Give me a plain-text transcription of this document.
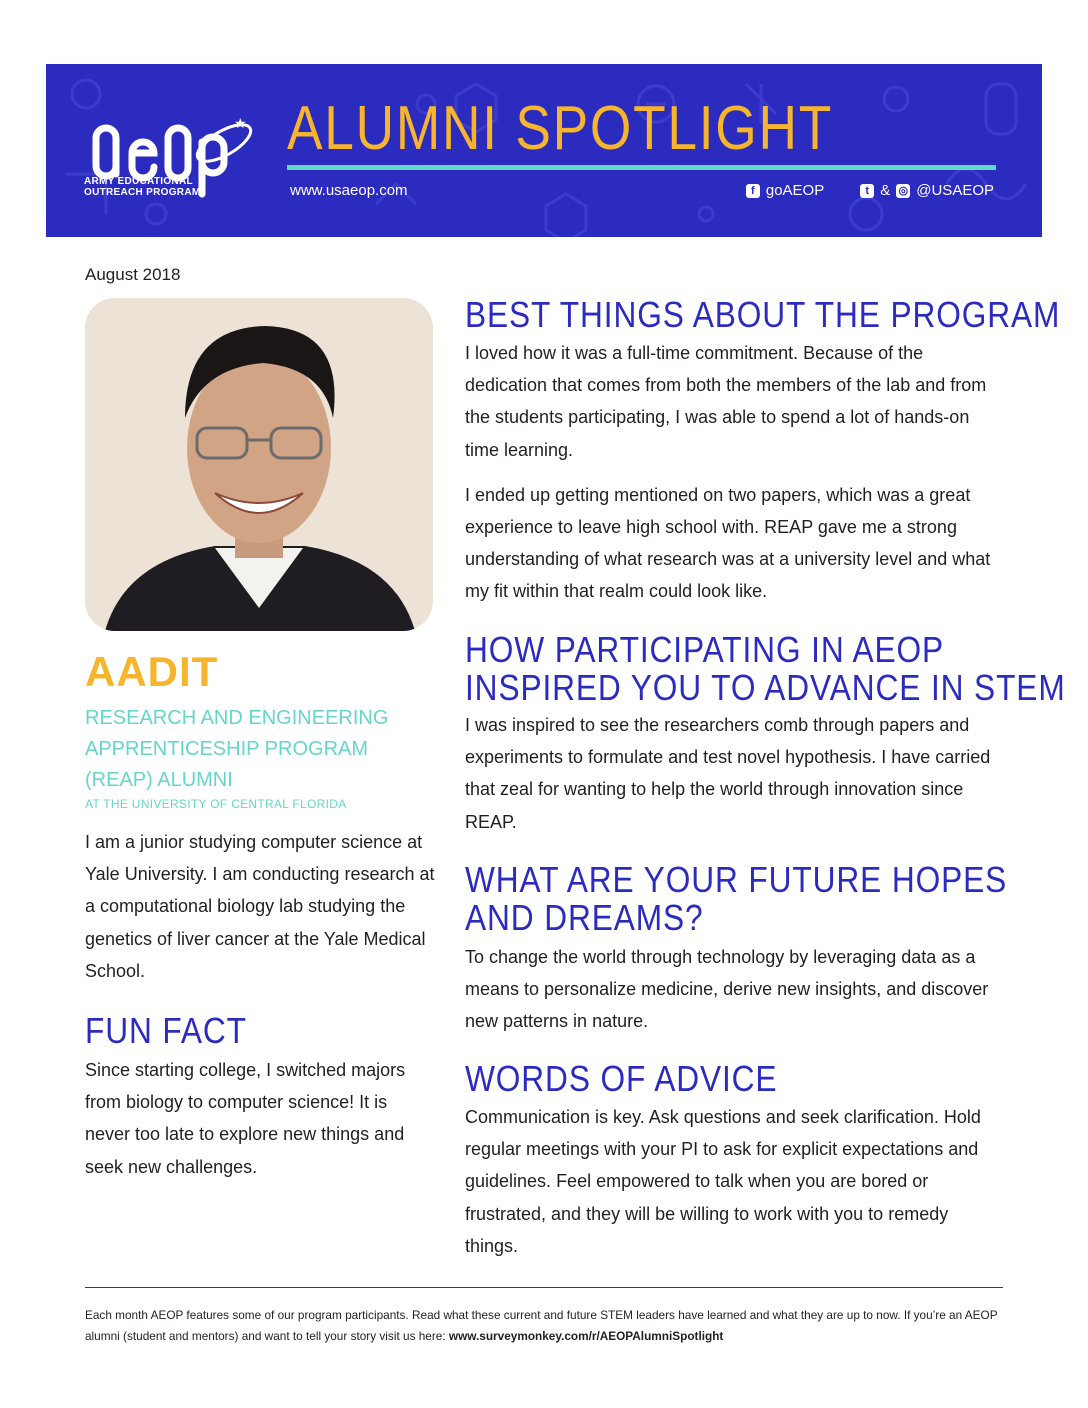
★
ARMY EDUCATIONAL OUTREACH PROGRAM
ALUMNI SPOTLIGHT
www.usaeop.com	f goAEOP	t & ◎ @USAEOP
August 2018
AADIT
RESEARCH AND ENGINEERING APPRENTICESHIP PROGRAM (REAP) ALUMNI
AT THE UNIVERSITY OF CENTRAL FLORIDA
I am a junior studying computer science at Yale University. I am conducting research at a computational biology lab studying the genetics of liver cancer at the Yale Medical School.
FUN FACT
Since starting college, I switched majors from biology to computer science! It is never too late to explore new things and seek new challenges.
BEST THINGS ABOUT THE PROGRAM

I loved how it was a full-time commitment. Because of the dedication that comes from both the members of the lab and from the students participating, I was able to spend a lot of hands-on time learning.

I ended up getting mentioned on two papers, which was a great experience to leave high school with. REAP gave me a strong understanding of what research was at a university level and what my fit within that realm could look like.

HOW PARTICIPATING IN AEOP
INSPIRED YOU TO ADVANCE IN STEM
I was inspired to see the researchers comb through papers and experiments to formulate and test novel hypothesis. I have carried that zeal for wanting to help the world through innovation since REAP.
WHAT ARE YOUR FUTURE HOPES
AND DREAMS?
To change the world through technology by leveraging data as a means to personalize medicine, derive new insights, and discover new patterns in nature.
WORDS OF ADVICE
Communication is key. Ask questions and seek clarification. Hold regular meetings with your PI to ask for explicit expectations and guidelines. Feel empowered to talk when you are bored or frustrated, and they will be willing to work with you to remedy things.
Each month AEOP features some of our program participants. Read what these current and future STEM leaders have learned and what they are up to now. If you’re an AEOP alumni (student and mentors) and want to tell your story visit us here: www.surveymonkey.com/r/AEOPAlumniSpotlight
